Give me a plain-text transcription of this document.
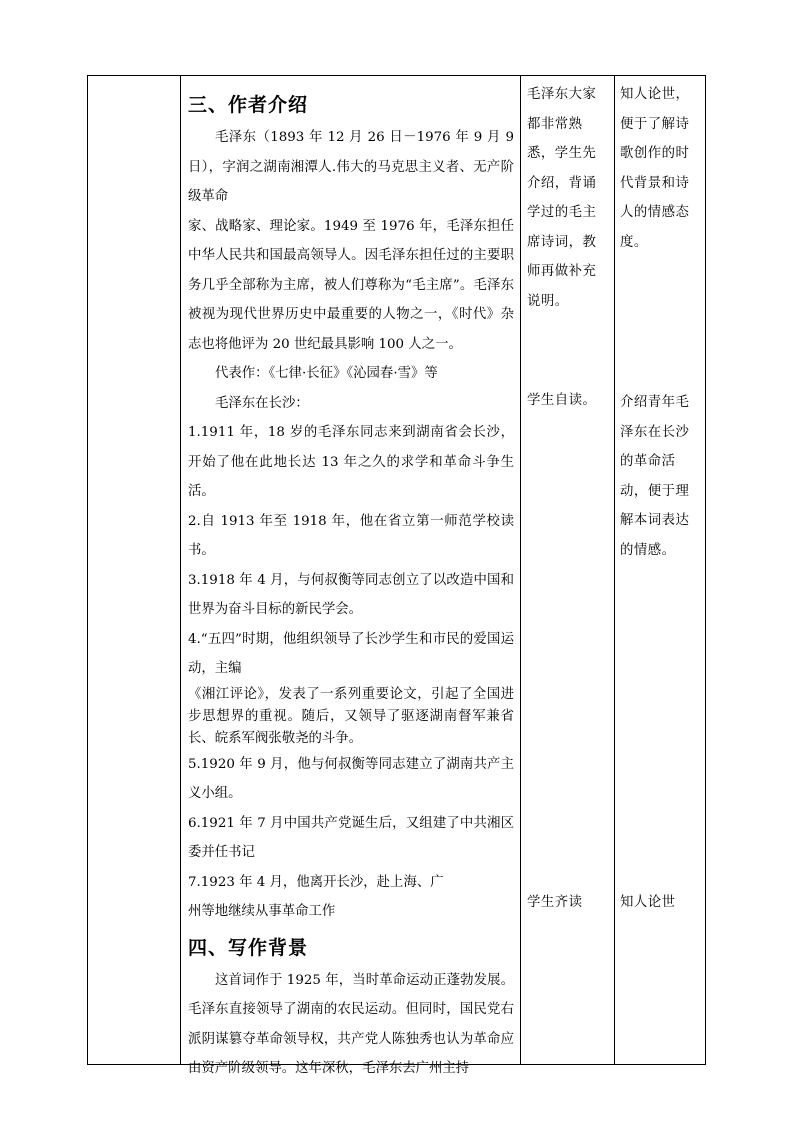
三、作者介绍

毛泽东（1893 年 12 月 26 日－1976 年 9 月 9 日），字润之湖南湘潭人.伟大的马克思主义者、无产阶级革命

家、战略家、理论家。1949 至 1976 年，毛泽东担任中华人民共和国最高领导人。因毛泽东担任过的主要职务几乎全部称为主席，被人们尊称为“毛主席”。毛泽东被视为现代世界历史中最重要的人物之一，《时代》杂志也将他评为 20 世纪最具影响 100 人之一。

代表作：《七律·长征》《沁园春·雪》等

毛泽东在长沙：

1.1911 年，18 岁的毛泽东同志来到湖南省会长沙，开始了他在此地长达 13 年之久的求学和革命斗争生活。

2.自 1913 年至 1918 年，他在省立第一师范学校读书。

3.1918 年 4 月，与何叔衡等同志创立了以改造中国和世界为奋斗目标的新民学会。

4.“五四”时期，他组织领导了长沙学生和市民的爱国运动，主编

《湘江评论》，发表了一系列重要论文，引起了全国进步思想界的重视。随后，又领导了驱逐湖南督军兼省长、皖系军阀张敬尧的斗争。

5.1920 年 9 月，他与何叔衡等同志建立了湖南共产主义小组。

6.1921 年 7 月中国共产党诞生后，又组建了中共湘区委并任书记

7.1923 年 4 月，他离开长沙，赴上海、广

州等地继续从事革命工作

四、写作背景

这首词作于 1925 年，当时革命运动正蓬勃发展。毛泽东直接领导了湖南的农民运动。但同时，国民党右派阴谋篡夺革命领导权，共产党人陈独秀也认为革命应由资产阶级领导。这年深秋，毛泽东去广州主持

毛泽东大家都非常熟悉，学生先介绍，背诵学过的毛主席诗词，教师再做补充说明。

学生自读。

学生齐读

知人论世，便于了解诗歌创作的时代背景和诗人的情感态度。

介绍青年毛泽东在长沙的革命活动，便于理解本词表达的情感。

知人论世
